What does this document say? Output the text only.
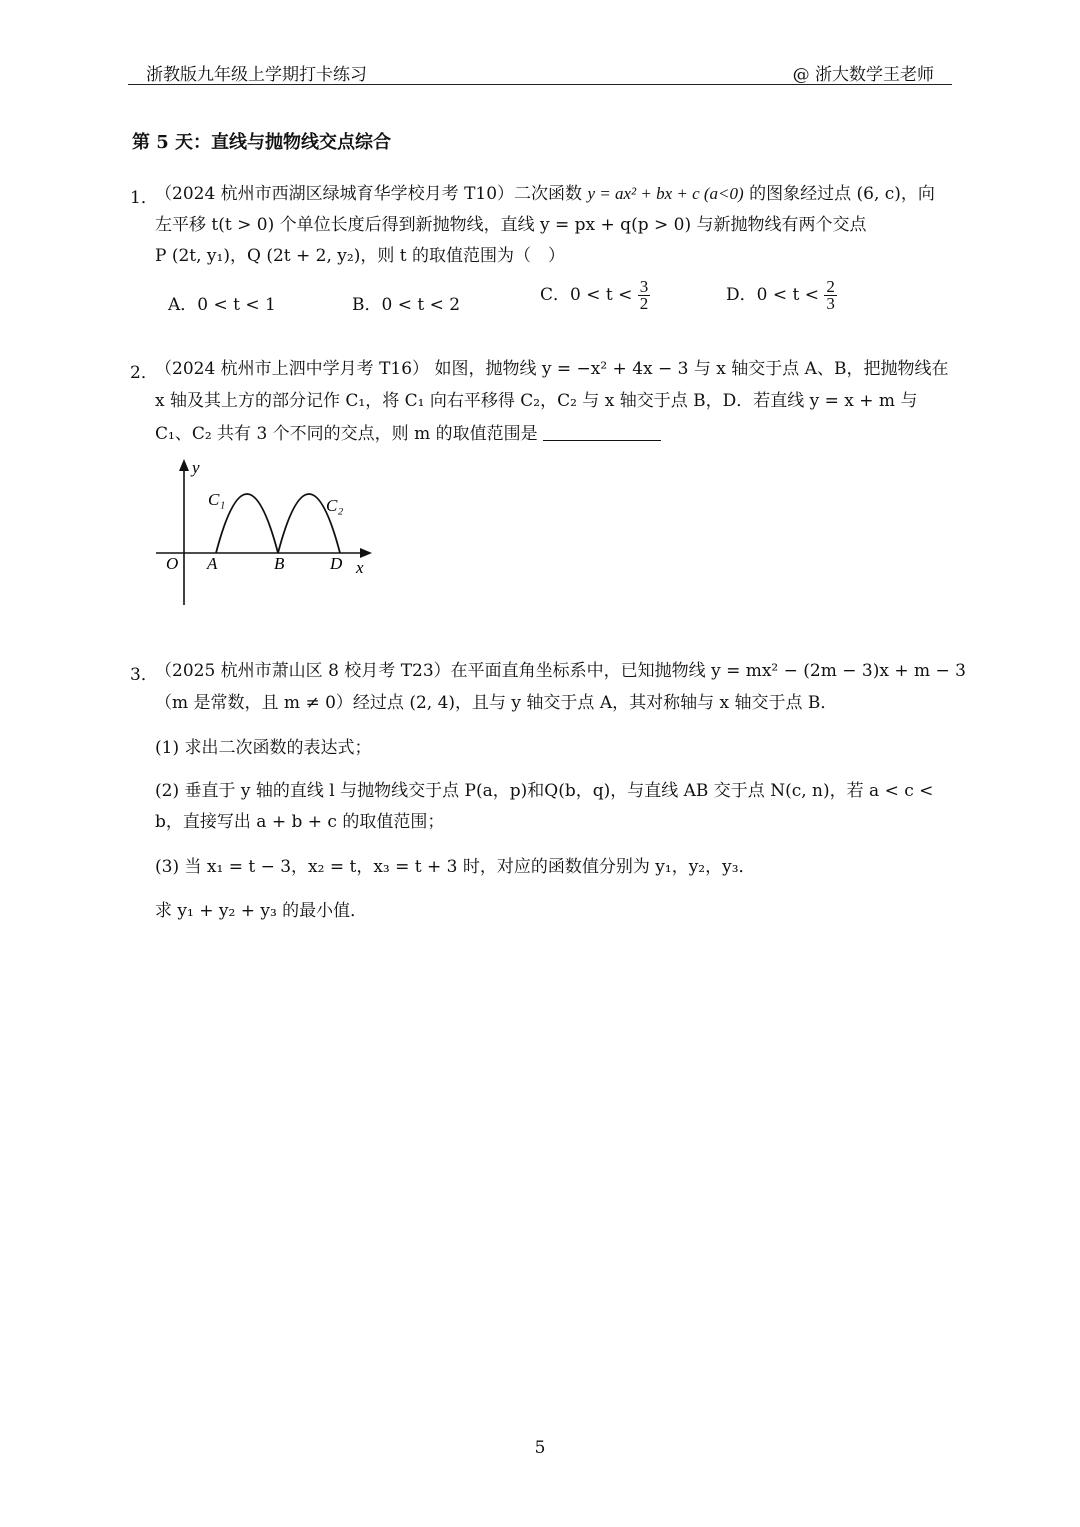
浙教版九年级上学期打卡练习	@ 浙大数学王老师
第 5 天：直线与抛物线交点综合
1．
（2024 杭州市西湖区绿城育华学校月考 T10）二次函数 y = ax² + bx + c (a<0) 的图象经过点 (6, c)，向
左平移 t(t > 0) 个单位长度后得到新抛物线，直线 y = px + q(p > 0) 与新抛物线有两个交点
P (2t, y₁)，Q (2t + 2, y₂)，则 t 的取值范围为（　）
A．0 < t < 1	B．0 < t < 2	C．$0 < t < \frac{3}{2}$	D．$0 < t < \frac{2}{3}$
2．
（2024 杭州市上泗中学月考 T16） 如图，抛物线 y = −x² + 4x − 3 与 x 轴交于点 A、B，把抛物线在
x 轴及其上方的部分记作 C₁，将 C₁ 向右平移得 C₂，C₂ 与 x 轴交于点 B，D．若直线 y = x + m 与
C₁、C₂ 共有 3 个不同的交点，则 m 的取值范围是
y
x
O A	B	D
C₁	C₂
3．
（2025 杭州市萧山区 8 校月考 T23）在平面直角坐标系中，已知抛物线 y = mx² − (2m − 3)x + m − 3
（m 是常数，且 m ≠ 0）经过点 (2, 4)，且与 y 轴交于点 A，其对称轴与 x 轴交于点 B．
(1) 求出二次函数的表达式；
(2) 垂直于 y 轴的直线 l 与抛物线交于点 P(a，p)和Q(b，q)，与直线 AB 交于点 N(c, n)，若 a < c <
b，直接写出 a + b + c 的取值范围；
(3) 当 x₁ = t − 3，x₂ = t，x₃ = t + 3 时，对应的函数值分别为 y₁，y₂，y₃．
求 y₁ + y₂ + y₃ 的最小值．
5
